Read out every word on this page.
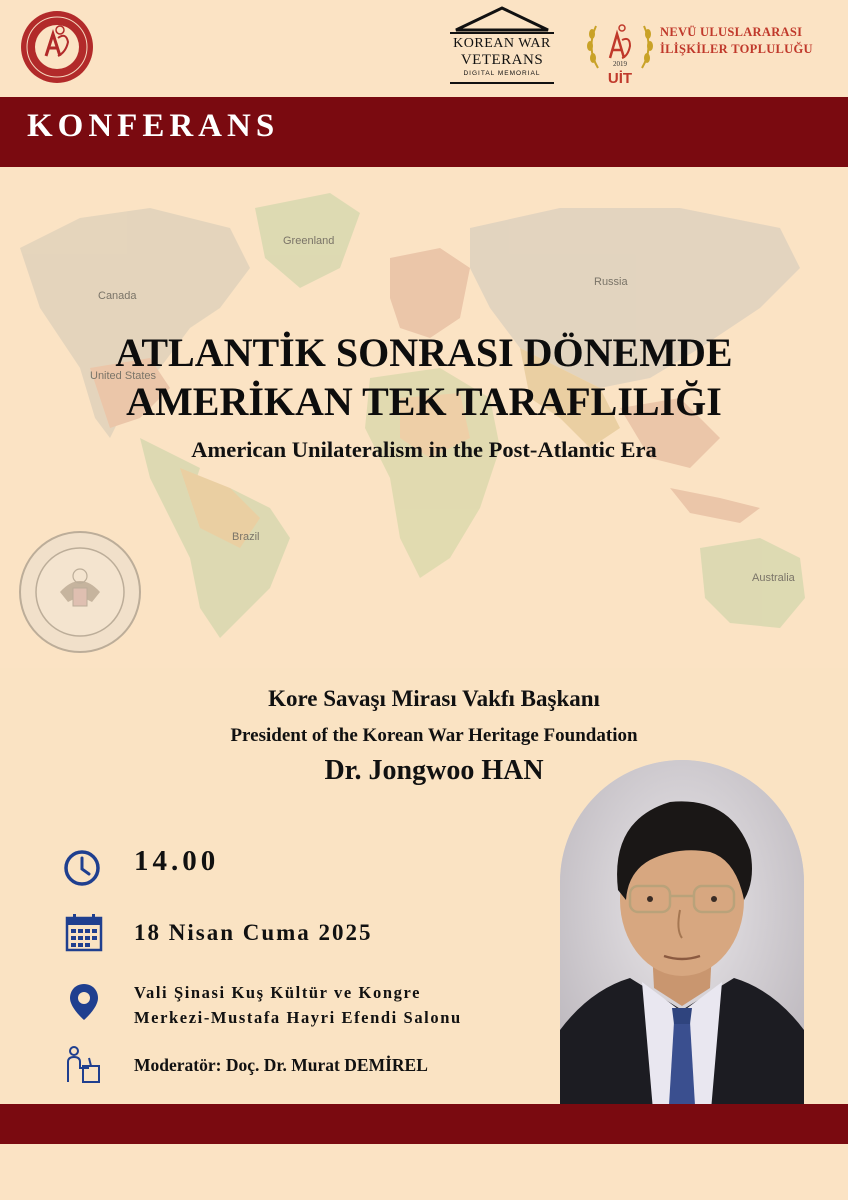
KOREAN WAR
VETERANS
DIGITAL MEMORIAL
2019
UİT
NEVÜ ULUSLARARASI
İLİŞKİLER TOPLULUĞU
KONFERANS
Greenland
Canada
Russia
United States
Brazil
Australia
ATLANTİK SONRASI DÖNEMDE
AMERİKAN TEK TARAFLILIĞI
American Unilateralism in the Post-Atlantic Era
Kore Savaşı Mirası Vakfı Başkanı
President of the Korean War Heritage Foundation
Dr. Jongwoo HAN
14.00
18 Nisan Cuma 2025
Vali Şinasi Kuş Kültür ve Kongre
Merkezi-Mustafa Hayri Efendi Salonu
Moderatör: Doç. Dr. Murat DEMİREL
